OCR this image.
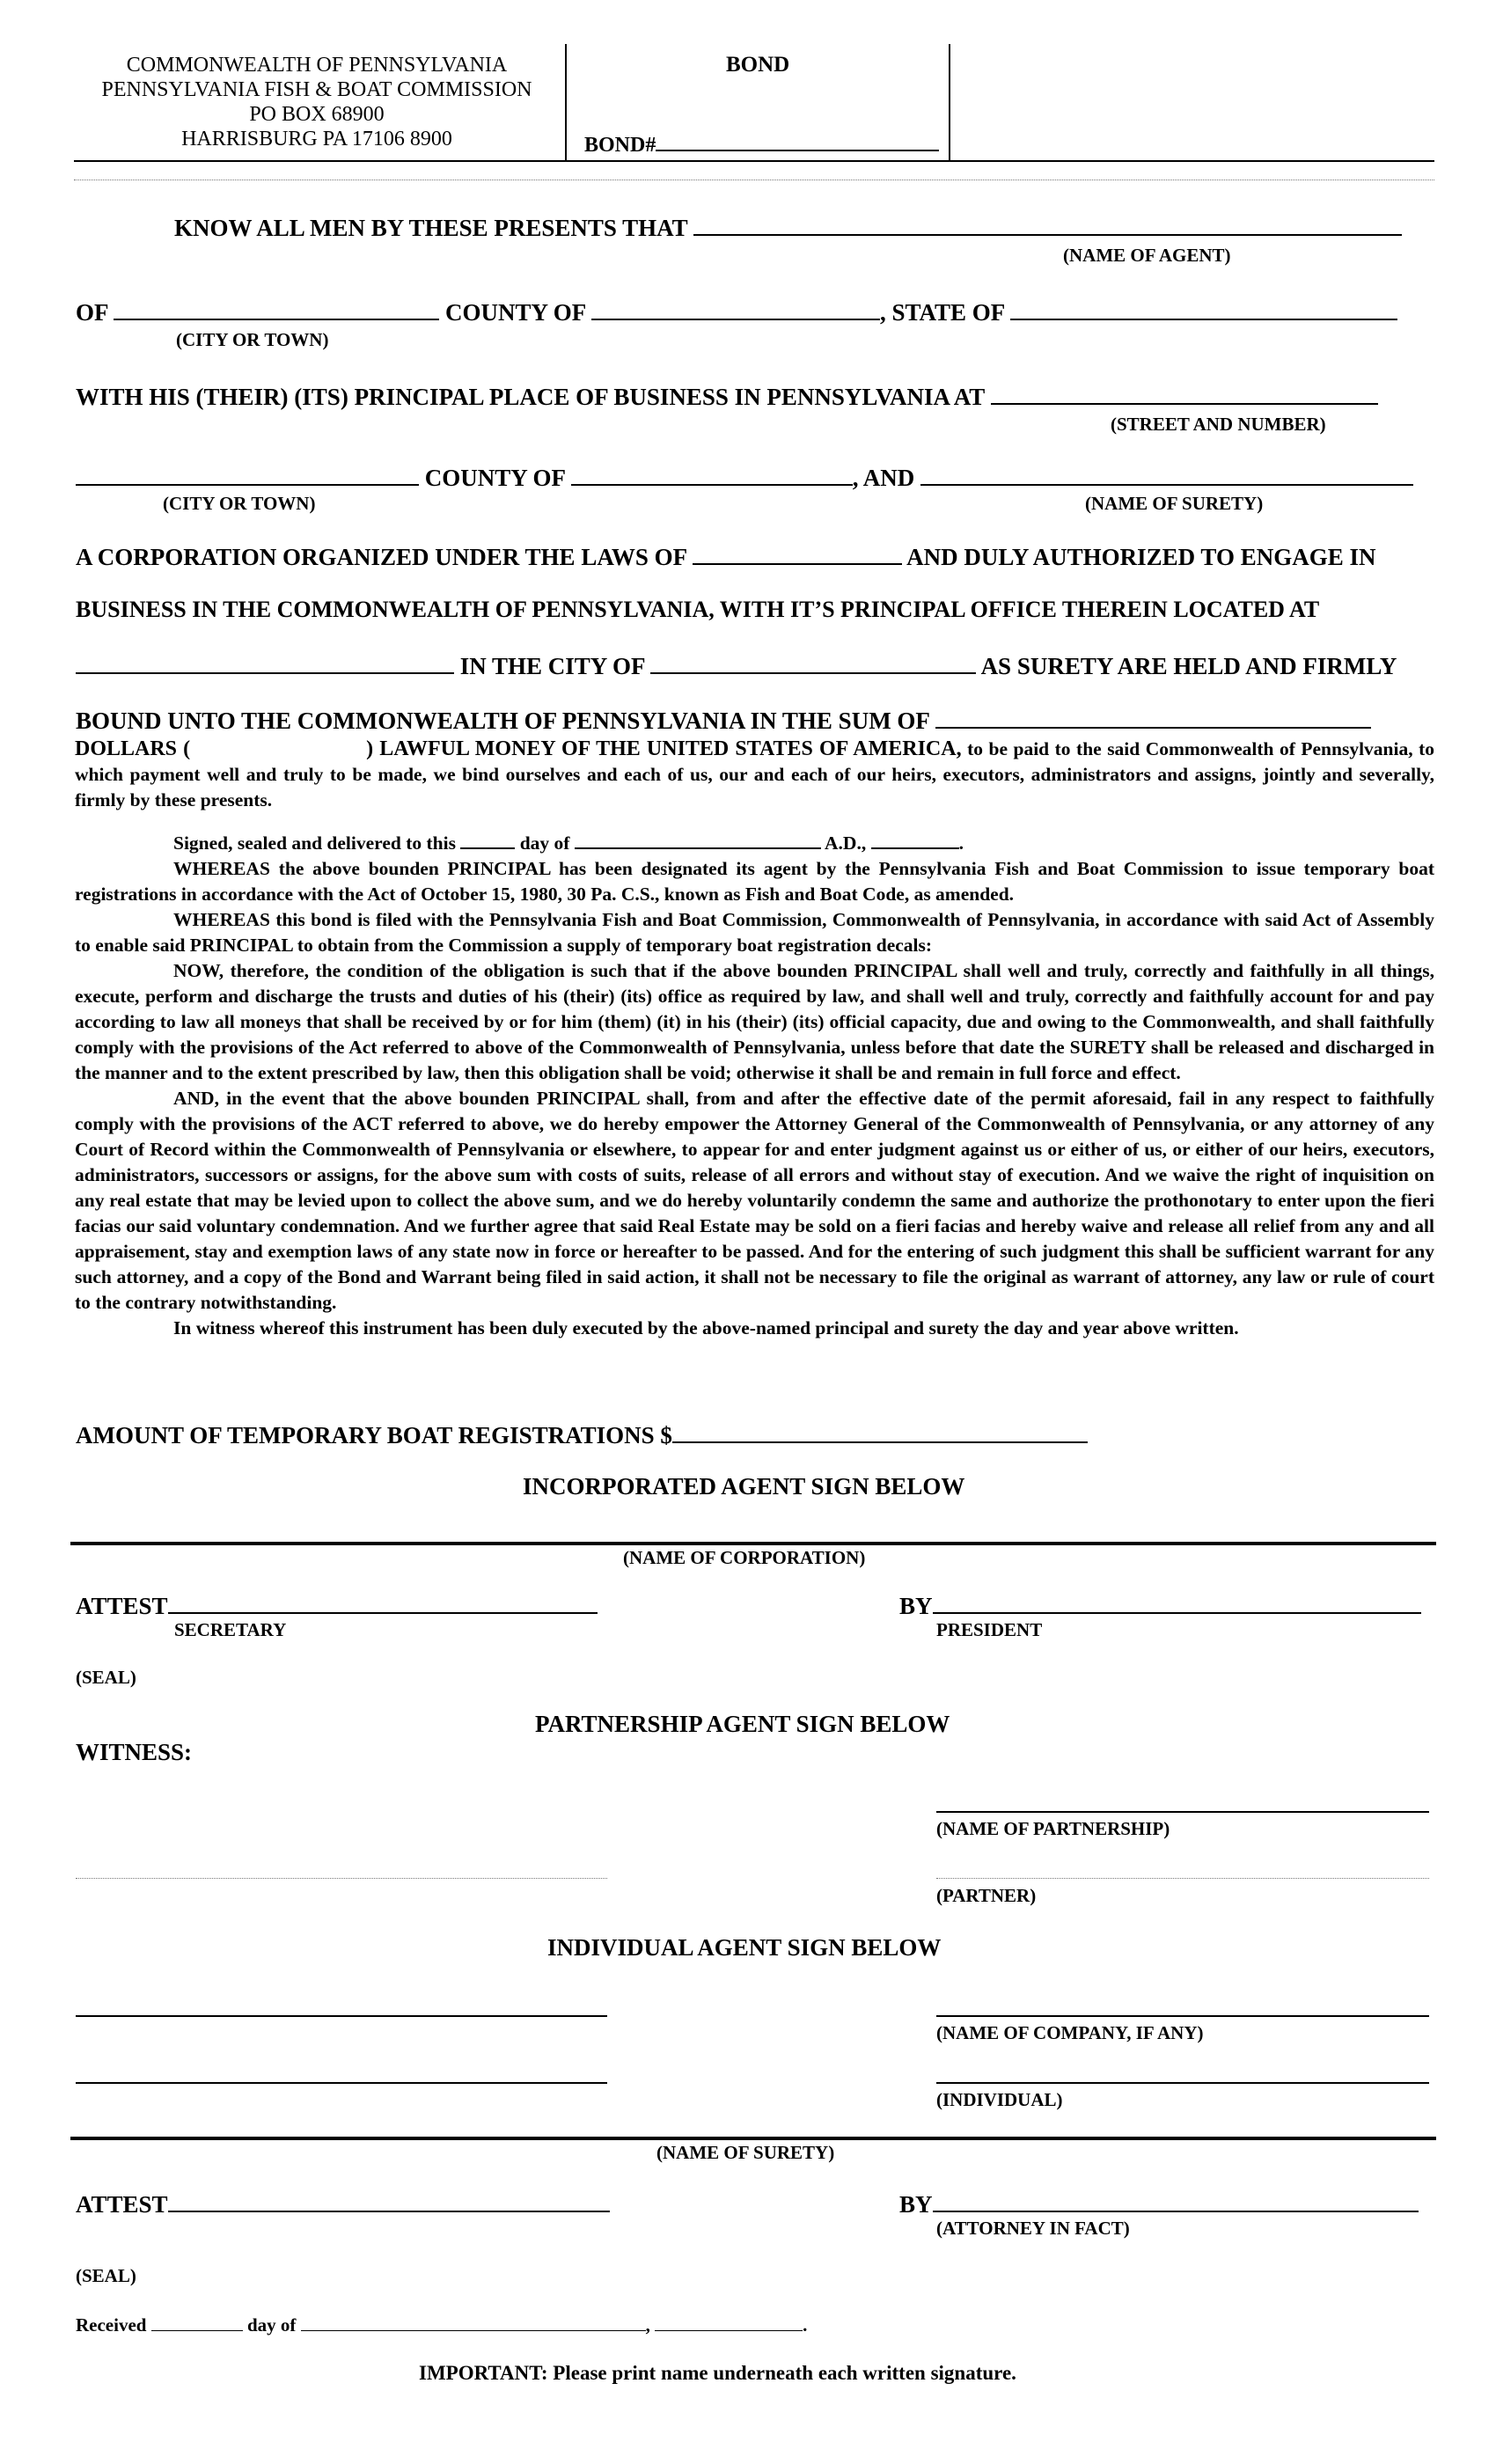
COMMONWEALTH OF PENNSYLVANIA
PENNSYLVANIA FISH & BOAT COMMISSION
PO BOX 68900
HARRISBURG PA 17106 8900
BOND
BOND#
KNOW ALL MEN BY THESE PRESENTS THAT
(NAME OF AGENT)
OF	COUNTY OF	, STATE OF
(CITY OR TOWN)
WITH HIS (THEIR) (ITS) PRINCIPAL PLACE OF BUSINESS IN PENNSYLVANIA AT
(STREET AND NUMBER)
COUNTY OF	, AND
(CITY OR TOWN)	(NAME OF SURETY)
A CORPORATION ORGANIZED UNDER THE LAWS OF	AND DULY AUTHORIZED TO ENGAGE IN
BUSINESS IN THE COMMONWEALTH OF PENNSYLVANIA, WITH IT’S PRINCIPAL OFFICE THEREIN LOCATED AT
IN THE CITY OF	AS SURETY ARE HELD AND FIRMLY
BOUND UNTO THE COMMONWEALTH OF PENNSYLVANIA IN THE SUM OF

DOLLARS (	) LAWFUL MONEY OF THE UNITED STATES OF AMERICA, to be paid to the said Commonwealth of Pennsylvania, to which payment well and truly to be made, we bind ourselves and each of us, our and each of our heirs, executors, administrators and assigns, jointly and severally, firmly by these presents.

Signed, sealed and delivered to this	day of	A.D.,	.

WHEREAS the above bounden PRINCIPAL has been designated its agent by the Pennsylvania Fish and Boat Commission to issue temporary boat registrations in accordance with the Act of October 15, 1980, 30 Pa. C.S., known as Fish and Boat Code, as amended.

WHEREAS this bond is filed with the Pennsylvania Fish and Boat Commission, Commonwealth of Pennsylvania, in accordance with said Act of Assembly to enable said PRINCIPAL to obtain from the Commission a supply of temporary boat registration decals:

NOW, therefore, the condition of the obligation is such that if the above bounden PRINCIPAL shall well and truly, correctly and faithfully in all things, execute, perform and discharge the trusts and duties of his (their) (its) office as required by law, and shall well and truly, correctly and faithfully account for and pay according to law all moneys that shall be received by or for him (them) (it) in his (their) (its) official capacity, due and owing to the Commonwealth, and shall faithfully comply with the provisions of the Act referred to above of the Commonwealth of Pennsylvania, unless before that date the SURETY shall be released and discharged in the manner and to the extent prescribed by law, then this obligation shall be void; otherwise it shall be and remain in full force and effect.

AND, in the event that the above bounden PRINCIPAL shall, from and after the effective date of the permit aforesaid, fail in any respect to faithfully comply with the provisions of the ACT referred to above, we do hereby empower the Attorney General of the Commonwealth of Pennsylvania, or any attorney of any Court of Record within the Commonwealth of Pennsylvania or elsewhere, to appear for and enter judgment against us or either of us, or either of our heirs, executors, administrators, successors or assigns, for the above sum with costs of suits, release of all errors and without stay of execution. And we waive the right of inquisition on any real estate that may be levied upon to collect the above sum, and we do hereby voluntarily condemn the same and authorize the prothonotary to enter upon the fieri facias our said voluntary condemnation. And we further agree that said Real Estate may be sold on a fieri facias and hereby waive and release all relief from any and all appraisement, stay and exemption laws of any state now in force or hereafter to be passed. And for the entering of such judgment this shall be sufficient warrant for any such attorney, and a copy of the Bond and Warrant being filed in said action, it shall not be necessary to file the original as warrant of attorney, any law or rule of court to the contrary notwithstanding.

In witness whereof this instrument has been duly executed by the above-named principal and surety the day and year above written.

AMOUNT OF TEMPORARY BOAT REGISTRATIONS $
INCORPORATED AGENT SIGN BELOW
(NAME OF CORPORATION)
ATTEST
SECRETARY
BY
PRESIDENT
(SEAL)
PARTNERSHIP AGENT SIGN BELOW
WITNESS:
(NAME OF PARTNERSHIP)
(PARTNER)
INDIVIDUAL AGENT SIGN BELOW
(NAME OF COMPANY, IF ANY)
(INDIVIDUAL)
(NAME OF SURETY)
ATTEST	BY
(ATTORNEY IN FACT)
(SEAL)
Received	day of	,	.
IMPORTANT: Please print name underneath each written signature.
